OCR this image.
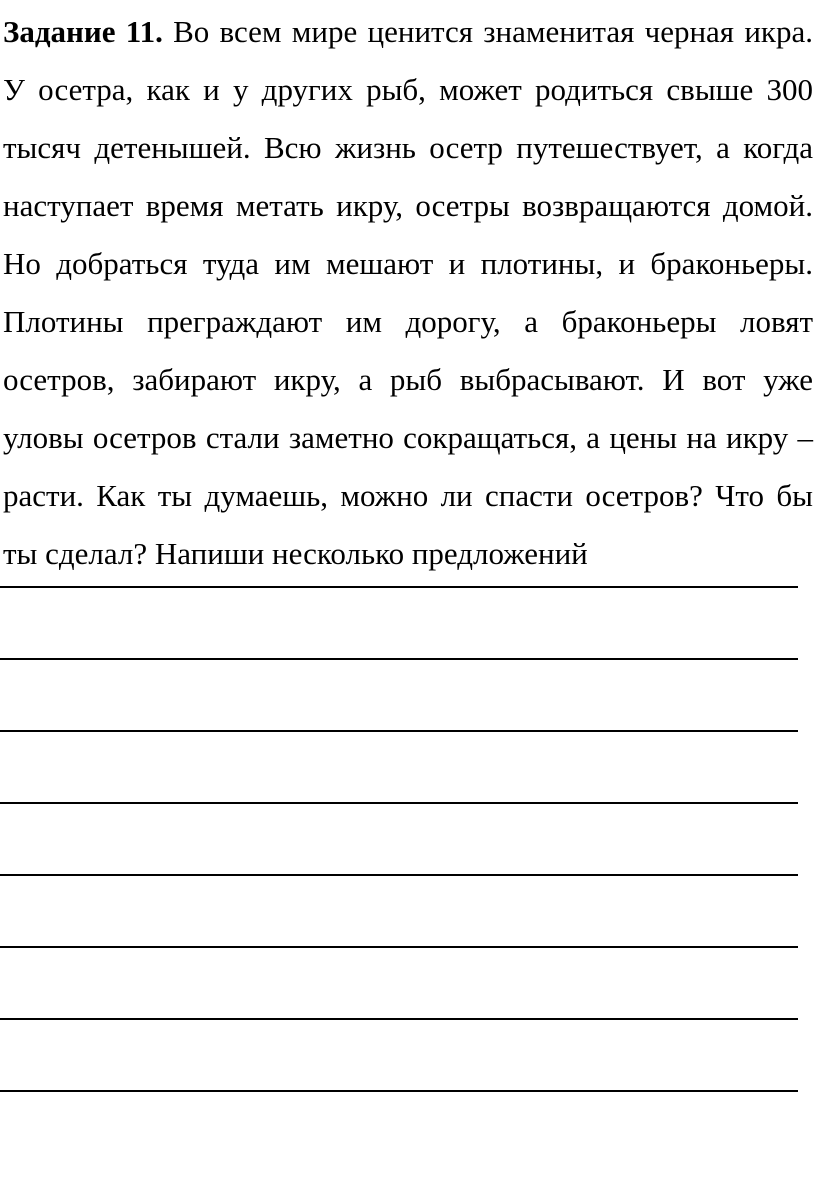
Задание 11. Во всем мире ценится знаменитая черная икра. У осетра, как и у других рыб, может родиться свыше 300 тысяч детенышей. Всю жизнь осетр путешествует, а когда наступает время метать икру, осетры возвращаются домой. Но добраться туда им мешают и плотины, и браконьеры. Плотины преграждают им дорогу, а браконьеры ловят осетров, забирают икру, а рыб выбрасывают. И вот уже уловы осетров стали заметно сокращаться, а цены на икру – расти. Как ты думаешь, можно ли спасти осетров? Что бы ты сделал? Напиши несколько предложений
